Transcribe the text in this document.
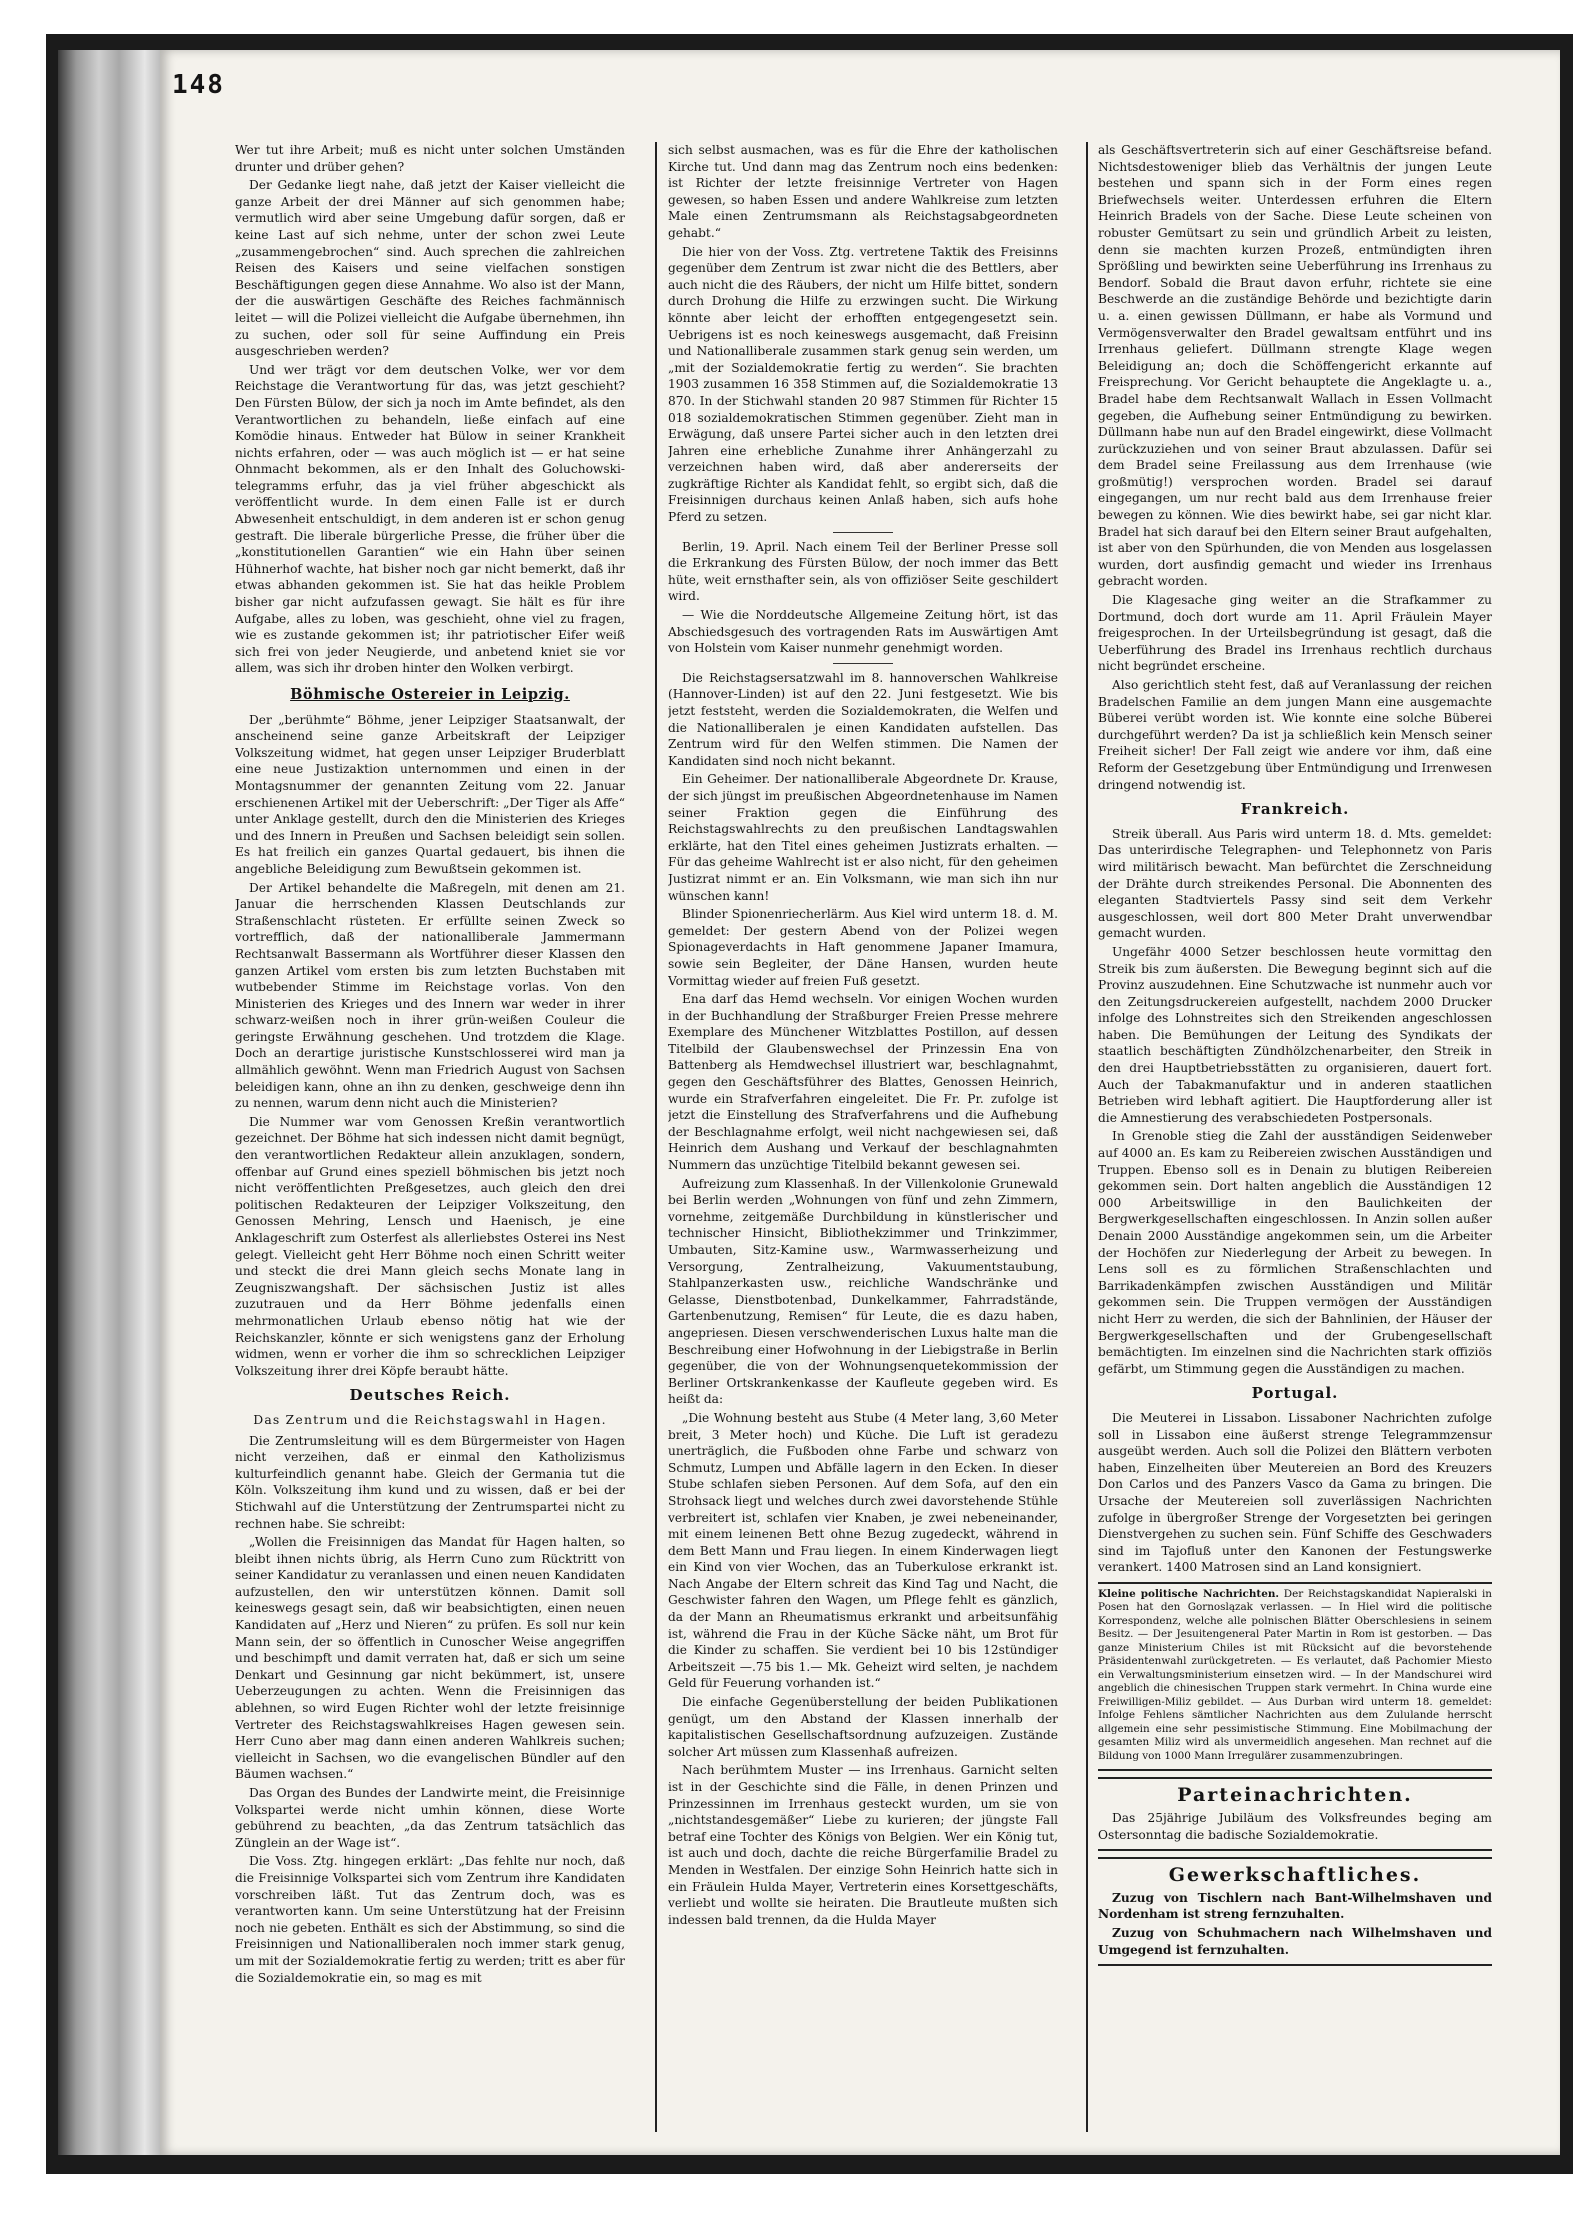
148

Wer tut ihre Arbeit; muß es nicht unter solchen Umständen drunter und drüber gehen?

Der Gedanke liegt nahe, daß jetzt der Kaiser vielleicht die ganze Arbeit der drei Männer auf sich genommen habe; vermutlich wird aber seine Umgebung dafür sorgen, daß er keine Last auf sich nehme, unter der schon zwei Leute „zusammengebrochen“ sind. Auch sprechen die zahlreichen Reisen des Kaisers und seine vielfachen sonstigen Beschäftigungen gegen diese Annahme. Wo also ist der Mann, der die auswärtigen Geschäfte des Reiches fachmännisch leitet — will die Polizei vielleicht die Aufgabe übernehmen, ihn zu suchen, oder soll für seine Auffindung ein Preis ausgeschrieben werden?

Und wer trägt vor dem deutschen Volke, wer vor dem Reichstage die Verantwortung für das, was jetzt geschieht? Den Fürsten Bülow, der sich ja noch im Amte befindet, als den Verantwortlichen zu behandeln, ließe einfach auf eine Komödie hinaus. Entweder hat Bülow in seiner Krankheit nichts erfahren, oder — was auch möglich ist — er hat seine Ohnmacht bekommen, als er den Inhalt des Goluchowski-telegramms erfuhr, das ja viel früher abgeschickt als veröffentlicht wurde. In dem einen Falle ist er durch Abwesenheit entschuldigt, in dem anderen ist er schon genug gestraft. Die liberale bürgerliche Presse, die früher über die „konstitutionellen Garantien“ wie ein Hahn über seinen Hühnerhof wachte, hat bisher noch gar nicht bemerkt, daß ihr etwas abhanden gekommen ist. Sie hat das heikle Problem bisher gar nicht aufzufassen gewagt. Sie hält es für ihre Aufgabe, alles zu loben, was geschieht, ohne viel zu fragen, wie es zustande gekommen ist; ihr patriotischer Eifer weiß sich frei von jeder Neugierde, und anbetend kniet sie vor allem, was sich ihr droben hinter den Wolken verbirgt.

Böhmische Ostereier in Leipzig.

Der „berühmte“ Böhme, jener Leipziger Staatsanwalt, der anscheinend seine ganze Arbeitskraft der Leipziger Volkszeitung widmet, hat gegen unser Leipziger Bruderblatt eine neue Justizaktion unternommen und einen in der Montagsnummer der genannten Zeitung vom 22. Januar erschienenen Artikel mit der Ueberschrift: „Der Tiger als Affe“ unter Anklage gestellt, durch den die Ministerien des Krieges und des Innern in Preußen und Sachsen beleidigt sein sollen. Es hat freilich ein ganzes Quartal gedauert, bis ihnen die angebliche Beleidigung zum Bewußtsein gekommen ist.

Der Artikel behandelte die Maßregeln, mit denen am 21. Januar die herrschenden Klassen Deutschlands zur Straßenschlacht rüsteten. Er erfüllte seinen Zweck so vortrefflich, daß der nationalliberale Jammermann Rechtsanwalt Bassermann als Wortführer dieser Klassen den ganzen Artikel vom ersten bis zum letzten Buchstaben mit wutbebender Stimme im Reichstage vorlas. Von den Ministerien des Krieges und des Innern war weder in ihrer schwarz-weißen noch in ihrer grün-weißen Couleur die geringste Erwähnung geschehen. Und trotzdem die Klage. Doch an derartige juristische Kunstschlosserei wird man ja allmählich gewöhnt. Wenn man Friedrich August von Sachsen beleidigen kann, ohne an ihn zu denken, geschweige denn ihn zu nennen, warum denn nicht auch die Ministerien?

Die Nummer war vom Genossen Kreßin verantwortlich gezeichnet. Der Böhme hat sich indessen nicht damit begnügt, den verantwortlichen Redakteur allein anzuklagen, sondern, offenbar auf Grund eines speziell böhmischen bis jetzt noch nicht veröffentlichten Preßgesetzes, auch gleich den drei politischen Redakteuren der Leipziger Volkszeitung, den Genossen Mehring, Lensch und Haenisch, je eine Anklageschrift zum Osterfest als allerliebstes Osterei ins Nest gelegt. Vielleicht geht Herr Böhme noch einen Schritt weiter und steckt die drei Mann gleich sechs Monate lang in Zeugniszwangshaft. Der sächsischen Justiz ist alles zuzutrauen und da Herr Böhme jedenfalls einen mehrmonatlichen Urlaub ebenso nötig hat wie der Reichskanzler, könnte er sich wenigstens ganz der Erholung widmen, wenn er vorher die ihm so schrecklichen Leipziger Volkszeitung ihrer drei Köpfe beraubt hätte.

Deutsches Reich.
Das Zentrum und die Reichstagswahl in Hagen.

Die Zentrumsleitung will es dem Bürgermeister von Hagen nicht verzeihen, daß er einmal den Katholizismus kulturfeindlich genannt habe. Gleich der Germania tut die Köln. Volkszeitung ihm kund und zu wissen, daß er bei der Stichwahl auf die Unterstützung der Zentrumspartei nicht zu rechnen habe. Sie schreibt:

„Wollen die Freisinnigen das Mandat für Hagen halten, so bleibt ihnen nichts übrig, als Herrn Cuno zum Rücktritt von seiner Kandidatur zu veranlassen und einen neuen Kandidaten aufzustellen, den wir unterstützen können. Damit soll keineswegs gesagt sein, daß wir beabsichtigten, einen neuen Kandidaten auf „Herz und Nieren“ zu prüfen. Es soll nur kein Mann sein, der so öffentlich in Cunoscher Weise angegriffen und beschimpft und damit verraten hat, daß er sich um seine Denkart und Gesinnung gar nicht bekümmert, ist, unsere Ueberzeugungen zu achten. Wenn die Freisinnigen das ablehnen, so wird Eugen Richter wohl der letzte freisinnige Vertreter des Reichstagswahlkreises Hagen gewesen sein. Herr Cuno aber mag dann einen anderen Wahlkreis suchen; vielleicht in Sachsen, wo die evangelischen Bündler auf den Bäumen wachsen.“

Das Organ des Bundes der Landwirte meint, die Freisinnige Volkspartei werde nicht umhin können, diese Worte gebührend zu beachten, „da das Zentrum tatsächlich das Zünglein an der Wage ist“.

Die Voss. Ztg. hingegen erklärt: „Das fehlte nur noch, daß die Freisinnige Volkspartei sich vom Zentrum ihre Kandidaten vorschreiben läßt. Tut das Zentrum doch, was es verantworten kann. Um seine Unterstützung hat der Freisinn noch nie gebeten. Enthält es sich der Abstimmung, so sind die Freisinnigen und Nationalliberalen noch immer stark genug, um mit der Sozialdemokratie fertig zu werden; tritt es aber für die Sozialdemokratie ein, so mag es mit

sich selbst ausmachen, was es für die Ehre der katholischen Kirche tut. Und dann mag das Zentrum noch eins bedenken: ist Richter der letzte freisinnige Vertreter von Hagen gewesen, so haben Essen und andere Wahlkreise zum letzten Male einen Zentrumsmann als Reichstagsabgeordneten gehabt.“

Die hier von der Voss. Ztg. vertretene Taktik des Freisinns gegenüber dem Zentrum ist zwar nicht die des Bettlers, aber auch nicht die des Räubers, der nicht um Hilfe bittet, sondern durch Drohung die Hilfe zu erzwingen sucht. Die Wirkung könnte aber leicht der erhofften entgegengesetzt sein. Uebrigens ist es noch keineswegs ausgemacht, daß Freisinn und Nationalliberale zusammen stark genug sein werden, um „mit der Sozialdemokratie fertig zu werden“. Sie brachten 1903 zusammen 16 358 Stimmen auf, die Sozialdemokratie 13 870. In der Stichwahl standen 20 987 Stimmen für Richter 15 018 sozialdemokratischen Stimmen gegenüber. Zieht man in Erwägung, daß unsere Partei sicher auch in den letzten drei Jahren eine erhebliche Zunahme ihrer Anhängerzahl zu verzeichnen haben wird, daß aber andererseits der zugkräftige Richter als Kandidat fehlt, so ergibt sich, daß die Freisinnigen durchaus keinen Anlaß haben, sich aufs hohe Pferd zu setzen.

Berlin, 19. April. Nach einem Teil der Berliner Presse soll die Erkrankung des Fürsten Bülow, der noch immer das Bett hüte, weit ernsthafter sein, als von offiziöser Seite geschildert wird.

— Wie die Norddeutsche Allgemeine Zeitung hört, ist das Abschiedsgesuch des vortragenden Rats im Auswärtigen Amt von Holstein vom Kaiser nunmehr genehmigt worden.

Die Reichstagsersatzwahl im 8. hannoverschen Wahlkreise (Hannover-Linden) ist auf den 22. Juni festgesetzt. Wie bis jetzt feststeht, werden die Sozialdemokraten, die Welfen und die Nationalliberalen je einen Kandidaten aufstellen. Das Zentrum wird für den Welfen stimmen. Die Namen der Kandidaten sind noch nicht bekannt.

Ein Geheimer. Der nationalliberale Abgeordnete Dr. Krause, der sich jüngst im preußischen Abgeordnetenhause im Namen seiner Fraktion gegen die Einführung des Reichstagswahlrechts zu den preußischen Landtagswahlen erklärte, hat den Titel eines geheimen Justizrats erhalten. — Für das geheime Wahlrecht ist er also nicht, für den geheimen Justizrat nimmt er an. Ein Volksmann, wie man sich ihn nur wünschen kann!

Blinder Spionenriecherlärm. Aus Kiel wird unterm 18. d. M. gemeldet: Der gestern Abend von der Polizei wegen Spionageverdachts in Haft genommene Japaner Imamura, sowie sein Begleiter, der Däne Hansen, wurden heute Vormittag wieder auf freien Fuß gesetzt.

Ena darf das Hemd wechseln. Vor einigen Wochen wurden in der Buchhandlung der Straßburger Freien Presse mehrere Exemplare des Münchener Witzblattes Postillon, auf dessen Titelbild der Glaubenswechsel der Prinzessin Ena von Battenberg als Hemdwechsel illustriert war, beschlagnahmt, gegen den Geschäftsführer des Blattes, Genossen Heinrich, wurde ein Strafverfahren eingeleitet. Die Fr. Pr. zufolge ist jetzt die Einstellung des Strafverfahrens und die Aufhebung der Beschlagnahme erfolgt, weil nicht nachgewiesen sei, daß Heinrich dem Aushang und Verkauf der beschlagnahmten Nummern das unzüchtige Titelbild bekannt gewesen sei.

Aufreizung zum Klassenhaß. In der Villenkolonie Grunewald bei Berlin werden „Wohnungen von fünf und zehn Zimmern, vornehme, zeitgemäße Durchbildung in künstlerischer und technischer Hinsicht, Bibliothekzimmer und Trinkzimmer, Umbauten, Sitz-Kamine usw., Warmwasserheizung und Versorgung, Zentralheizung, Vakuumentstaubung, Stahlpanzerkasten usw., reichliche Wandschränke und Gelasse, Dienstbotenbad, Dunkelkammer, Fahrradstände, Gartenbenutzung, Remisen“ für Leute, die es dazu haben, angepriesen. Diesen verschwenderischen Luxus halte man die Beschreibung einer Hofwohnung in der Liebigstraße in Berlin gegenüber, die von der Wohnungsenquetekommission der Berliner Ortskrankenkasse der Kaufleute gegeben wird. Es heißt da:

„Die Wohnung besteht aus Stube (4 Meter lang, 3,60 Meter breit, 3 Meter hoch) und Küche. Die Luft ist geradezu unerträglich, die Fußboden ohne Farbe und schwarz von Schmutz, Lumpen und Abfälle lagern in den Ecken. In dieser Stube schlafen sieben Personen. Auf dem Sofa, auf den ein Strohsack liegt und welches durch zwei davorstehende Stühle verbreitert ist, schlafen vier Knaben, je zwei nebeneinander, mit einem leinenen Bett ohne Bezug zugedeckt, während in dem Bett Mann und Frau liegen. In einem Kinderwagen liegt ein Kind von vier Wochen, das an Tuberkulose erkrankt ist. Nach Angabe der Eltern schreit das Kind Tag und Nacht, die Geschwister fahren den Wagen, um Pflege fehlt es gänzlich, da der Mann an Rheumatismus erkrankt und arbeitsunfähig ist, während die Frau in der Küche Säcke näht, um Brot für die Kinder zu schaffen. Sie verdient bei 10 bis 12stündiger Arbeitszeit —.75 bis 1.— Mk. Geheizt wird selten, je nachdem Geld für Feuerung vorhanden ist.“

Die einfache Gegenüberstellung der beiden Publikationen genügt, um den Abstand der Klassen innerhalb der kapitalistischen Gesellschaftsordnung aufzuzeigen. Zustände solcher Art müssen zum Klassenhaß aufreizen.

Nach berühmtem Muster — ins Irrenhaus. Garnicht selten ist in der Geschichte sind die Fälle, in denen Prinzen und Prinzessinnen im Irrenhaus gesteckt wurden, um sie von „nichtstandesgemäßer“ Liebe zu kurieren; der jüngste Fall betraf eine Tochter des Königs von Belgien. Wer ein König tut, ist auch und doch, dachte die reiche Bürgerfamilie Bradel zu Menden in Westfalen. Der einzige Sohn Heinrich hatte sich in ein Fräulein Hulda Mayer, Vertreterin eines Korsettgeschäfts, verliebt und wollte sie heiraten. Die Brautleute mußten sich indessen bald trennen, da die Hulda Mayer

als Geschäftsvertreterin sich auf einer Geschäftsreise befand. Nichtsdestoweniger blieb das Verhältnis der jungen Leute bestehen und spann sich in der Form eines regen Briefwechsels weiter. Unterdessen erfuhren die Eltern Heinrich Bradels von der Sache. Diese Leute scheinen von robuster Gemütsart zu sein und gründlich Arbeit zu leisten, denn sie machten kurzen Prozeß, entmündigten ihren Sprößling und bewirkten seine Ueberführung ins Irrenhaus zu Bendorf. Sobald die Braut davon erfuhr, richtete sie eine Beschwerde an die zuständige Behörde und bezichtigte darin u. a. einen gewissen Düllmann, er habe als Vormund und Vermögensverwalter den Bradel gewaltsam entführt und ins Irrenhaus geliefert. Düllmann strengte Klage wegen Beleidigung an; doch die Schöffengericht erkannte auf Freisprechung. Vor Gericht behauptete die Angeklagte u. a., Bradel habe dem Rechtsanwalt Wallach in Essen Vollmacht gegeben, die Aufhebung seiner Entmündigung zu bewirken. Düllmann habe nun auf den Bradel eingewirkt, diese Vollmacht zurückzuziehen und von seiner Braut abzulassen. Dafür sei dem Bradel seine Freilassung aus dem Irrenhause (wie großmütig!) versprochen worden. Bradel sei darauf eingegangen, um nur recht bald aus dem Irrenhause freier bewegen zu können. Wie dies bewirkt habe, sei gar nicht klar. Bradel hat sich darauf bei den Eltern seiner Braut aufgehalten, ist aber von den Spürhunden, die von Menden aus losgelassen wurden, dort ausfindig gemacht und wieder ins Irrenhaus gebracht worden.

Die Klagesache ging weiter an die Strafkammer zu Dortmund, doch dort wurde am 11. April Fräulein Mayer freigesprochen. In der Urteilsbegründung ist gesagt, daß die Ueberführung des Bradel ins Irrenhaus rechtlich durchaus nicht begründet erscheine.

Also gerichtlich steht fest, daß auf Veranlassung der reichen Bradelschen Familie an dem jungen Mann eine ausgemachte Büberei verübt worden ist. Wie konnte eine solche Büberei durchgeführt werden? Da ist ja schließlich kein Mensch seiner Freiheit sicher! Der Fall zeigt wie andere vor ihm, daß eine Reform der Gesetzgebung über Entmündigung und Irrenwesen dringend notwendig ist.

Frankreich.

Streik überall. Aus Paris wird unterm 18. d. Mts. gemeldet: Das unterirdische Telegraphen- und Telephonnetz von Paris wird militärisch bewacht. Man befürchtet die Zerschneidung der Drähte durch streikendes Personal. Die Abonnenten des eleganten Stadtviertels Passy sind seit dem Verkehr ausgeschlossen, weil dort 800 Meter Draht unverwendbar gemacht wurden.

Ungefähr 4000 Setzer beschlossen heute vormittag den Streik bis zum äußersten. Die Bewegung beginnt sich auf die Provinz auszudehnen. Eine Schutzwache ist nunmehr auch vor den Zeitungsdruckereien aufgestellt, nachdem 2000 Drucker infolge des Lohnstreites sich den Streikenden angeschlossen haben. Die Bemühungen der Leitung des Syndikats der staatlich beschäftigten Zündhölzchenarbeiter, den Streik in den drei Hauptbetriebsstätten zu organisieren, dauert fort. Auch der Tabakmanufaktur und in anderen staatlichen Betrieben wird lebhaft agitiert. Die Hauptforderung aller ist die Amnestierung des verabschiedeten Postpersonals.

In Grenoble stieg die Zahl der ausständigen Seidenweber auf 4000 an. Es kam zu Reibereien zwischen Ausständigen und Truppen. Ebenso soll es in Denain zu blutigen Reibereien gekommen sein. Dort halten angeblich die Ausständigen 12 000 Arbeitswillige in den Baulichkeiten der Bergwerkgesellschaften eingeschlossen. In Anzin sollen außer Denain 2000 Ausständige angekommen sein, um die Arbeiter der Hochöfen zur Niederlegung der Arbeit zu bewegen. In Lens soll es zu förmlichen Straßenschlachten und Barrikadenkämpfen zwischen Ausständigen und Militär gekommen sein. Die Truppen vermögen der Ausständigen nicht Herr zu werden, die sich der Bahnlinien, der Häuser der Bergwerkgesellschaften und der Grubengesellschaft bemächtigten. Im einzelnen sind die Nachrichten stark offiziös gefärbt, um Stimmung gegen die Ausständigen zu machen.

Portugal.

Die Meuterei in Lissabon. Lissaboner Nachrichten zufolge soll in Lissabon eine äußerst strenge Telegrammzensur ausgeübt werden. Auch soll die Polizei den Blättern verboten haben, Einzelheiten über Meutereien an Bord des Kreuzers Don Carlos und des Panzers Vasco da Gama zu bringen. Die Ursache der Meutereien soll zuverlässigen Nachrichten zufolge in übergroßer Strenge der Vorgesetzten bei geringen Dienstvergehen zu suchen sein. Fünf Schiffe des Geschwaders sind im Tajofluß unter den Kanonen der Festungswerke verankert. 1400 Matrosen sind an Land konsigniert.

Kleine politische Nachrichten. Der Reichstagskandidat Napieralski in Posen hat den Gornoslązak verlassen. — In Hiel wird die politische Korrespondenz, welche alle polnischen Blätter Oberschlesiens in seinem Besitz. — Der Jesuitengeneral Pater Martin in Rom ist gestorben. — Das ganze Ministerium Chiles ist mit Rücksicht auf die bevorstehende Präsidentenwahl zurückgetreten. — Es verlautet, daß Pachomier Miesto ein Verwaltungsministerium einsetzen wird. — In der Mandschurei wird angeblich die chinesischen Truppen stark vermehrt. In China wurde eine Freiwilligen-Miliz gebildet. — Aus Durban wird unterm 18. gemeldet: Infolge Fehlens sämtlicher Nachrichten aus dem Zululande herrscht allgemein eine sehr pessimistische Stimmung. Eine Mobilmachung der gesamten Miliz wird als unvermeidlich angesehen. Man rechnet auf die Bildung von 1000 Mann Irregulärer zusammenzubringen.

Parteinachrichten.

Das 25jährige Jubiläum des Volksfreundes beging am Ostersonntag die badische Sozialdemokratie.

Gewerkschaftliches.

Zuzug von Tischlern nach Bant-Wilhelmshaven und Nordenham ist streng fernzuhalten.

Zuzug von Schuhmachern nach Wilhelmshaven und Umgegend ist fernzuhalten.
